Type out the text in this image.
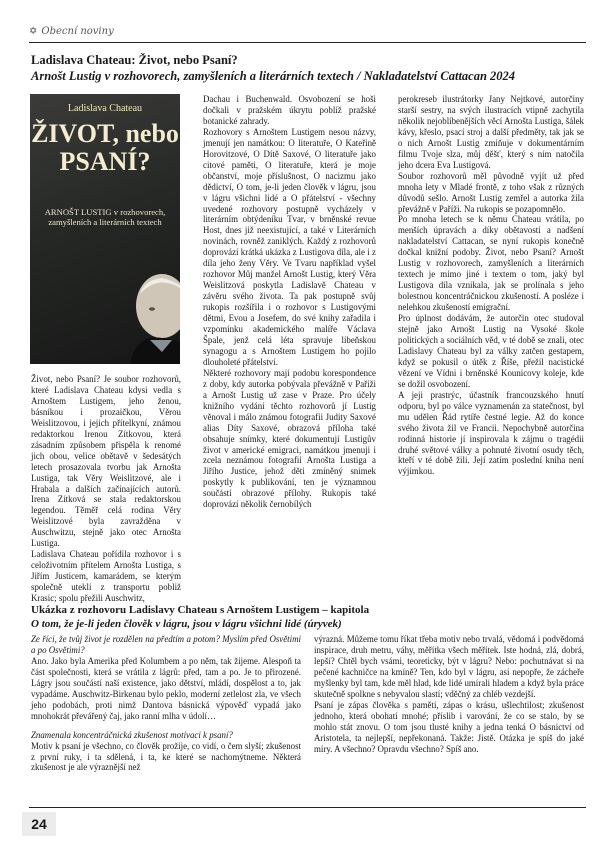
✡ Obecní noviny
Ladislava Chateau: Život, nebo Psaní?
Arnošt Lustig v rozhovorech, zamyšleních a literárních textech / Nakladatelství Cattacan 2024
Ladislava Chateau
ŽIVOT, nebo PSANÍ?
ARNOŠT LUSTIG v rozhovorech, zamyšleních a literárních textech

Život, nebo Psaní? Je soubor rozhovorů, které Ladislava Chateau kdysi vedla s Arnoštem Lustigem, jeho ženou, básníkou i prozaičkou, Věrou Weislitzovou, i jejich přítelkyní, známou redaktorkou Irenou Zítkovou, která zásadním způsobem přispěla k renomé jich obou, velice obětavě v šedesátých letech prosazovala tvorbu jak Arnošta Lustiga, tak Věry Weislitzové, ale i Hrabala a dalších začínajících autorů. Irena Zítková se stala redaktorskou legendou. Těměř celá rodina Věry Weislitzové byla zavražděna v Auschwitzu, stejně jako otec Arnošta Lustiga.
Ladislava Chateau pořídila rozhovor i s celoživotním přítelem Arnošta Lustiga, s Jiřím Justicem, kamarádem, se kterým společně utekli z transportu pobliž Krasic; spolu přežili Auschwitz,

Dachau i Buchenwald. Osvobození se hoši dočkali v pražském úkrytu poblíž pražské botanické zahrady.
Rozhovory s Arnoštem Lustigem nesou názvy, jmenují jen namátkou: O literatuře, O Kateřině Horovitzové, O Dítě Saxové, O literatuře jako citové paměti, O literatuře, která je moje občanství, moje příslušnost, O nacizmu jako dědictví, O tom, je-li jeden člověk v lágru, jsou v lágru všichni lidé a O přátelství - všechny uvedené rozhovory postupně vycházely v literárním obtýdeníku Tvar, v brněnské revue Host, dnes již neexistující, a také v Literárních novinách, rovněž zaniklých. Každý z rozhovorů doprovází krátká ukázka z Lustigova díla, ale i z díla jeho ženy Věry. Ve Tvaru například vyšel rozhovor Můj manžel Arnošt Lustig, který Věra Weislitzová poskytla Ladislavě Chateau v závěru svého života. Ta pak postupně svůj rukopis rozšířila i o rozhovor s Lustigovými dětmi, Evou a Josefem, do své knihy zařadila i vzpomínku akademického malíře Václava Špale, jenž celá léta spravuje libeňskou synagogu a s Arnoštem Lustigem ho pojilo dlouholeté přátelství.
Některé rozhovory mají podobu korespondence z doby, kdy autorka pobývala převážně v Paříži a Arnošt Lustig už zase v Praze. Pro účely knižního vydání těchto rozhovorů jí Lustig věnoval i málo známou fotografii Judity Saxové alias Díty Saxové, obrazová příloha také obsahuje snímky, které dokumentují Lustigův život v americké emigraci, namátkou jmenuji i zcela neznámou fotografii Arnošta Lustiga a Jiřího Justice, jehož děti zmíněný snímek poskytly k publikování, ten je významnou součástí obrazové přílohy. Rukopis také doprovází několik černobílých

perokreseb ilustrátorky Jany Nejtkové, autorčiny starší sestry, na svých ilustracích vtipně zachytila několik nejoblíbenějších věcí Arnošta Lustiga, šálek kávy, křeslo, psací stroj a další předměty, tak jak se o nich Arnošt Lustig zmiňuje v dokumentárním filmu Tvoje slza, můj děšť, který s ním natočila jeho dcera Eva Lustigová.
Soubor rozhovorů měl původně vyjít už před mnoha lety v Mladé frontě, z toho však z různých důvodů sešlo. Arnošt Lustig zemřel a autorka žila převážně v Paříži. Na rukopis se pozapomnělo.
Po mnoha letech se k němu Chateau vrátila, po menších úpravách a díky obětavosti a nadšení nakladatelství Cattacan, se nyní rukopis konečně dočkal knižní podoby. Život, nebo Psaní? Arnošt Lustig v rozhovorech, zamyšleních a literárních textech je mimo jiné i textem o tom, jaký byl Lustigova díla vznikala, jak se prolínala s jeho bolestnou koncentráčnickou zkušeností. A posléze i nelehkou zkušeností emigrační.
Pro úplnost dodávám, že autorčin otec studoval stejně jako Arnošt Lustig na Vysoké škole politických a sociálních věd, v té době se znali, otec Ladislavy Chateau byl za války zatčen gestapem, když se pokusil o útěk z Říše, přežil nacistické vězení ve Vídni i brněnské Kounicovy koleje, kde se dožil osvobození.
A jeji prastrýc, účastník francouzského hnutí odporu, byl po válce vyznamenán za statečnost, byl mu udělen Řád rytíře čestné legie. Až do konce svého života žil ve Francii. Nepochybně autorčina rodinná historie jí inspirovala k zájmu o tragédii druhé světové války a pohnuté životní osudy těch, kteří v té době žili. Její zatím poslední kniha není výjimkou.

Ukázka z rozhovoru Ladislavy Chateau s Arnoštem Lustigem – kapitola
O tom, že je-li jeden člověk v lágru, jsou v lágru všichni lidé (úryvek)

Ze říci, že tvůj život je rozdělen na předtím a potom? Myslím před Osvětimi a po Osvětimi?

Ano. Jako byla Amerika před Kolumbem a po něm, tak žijeme. Alespoň ta část společnosti, která se vrátila z lágrů: před, tam a po. Je to přirozené. Lágry jsou součástí naší existence, jako dětství, mládí, dospělost a to, jak vypadáme. Auschwitz-Birkenau bylo peklo, moderní zetlelost zla, ve všech jeho podobách, proti nimž Dantova básnická výpověď vypadá jako mnohokrát převářený čaj, jako ranní mlha v údolí…

Znamenala koncentráčnická zkušenost motivaci k psaní?

Motiv k psaní je všechno, co člověk prožije, co vidí, o čem slyší; zkušenost z první ruky, i ta sdělená, i ta, ke které se nachomýtneme. Některá zkušenost je ale výraznější než

výrazná. Můžeme tomu říkat třeba motiv nebo trvalá, vědomá i podvědomá inspirace, druh metru, váhy, měřítka všech měřítek. Iste hodná, zlá, dobrá, lepší? Chtěl bych vsámi, teoreticky, být v lágru? Nebo: pochutnávat si na pečené kachničce na kmíně? Ten, kdo byl v lágru, asi nepopře, že zácheře myšlenky byl tam, kde měl hlad, kde lidé umírali hladem a když byla práce skutečně spolkne s nebyvalou slastí; vděčný za chléb vezdejší.
Psaní je zápas člověka s pamětí, zápas o krásu, ušlechtilost; zkušenost jednoho, která obohatí mnohé; příslib i varování, že co se stalo, by se mohlo stát znovu. O tom jsou tlusté knihy a jedna tenká O básnictví od Aristotela, ta nejlepší, nepřekonaná. Takže: Jistě. Otázka je spíš do jaké míry. A všechno? Opravdu všechno? Spíš ano.

24
